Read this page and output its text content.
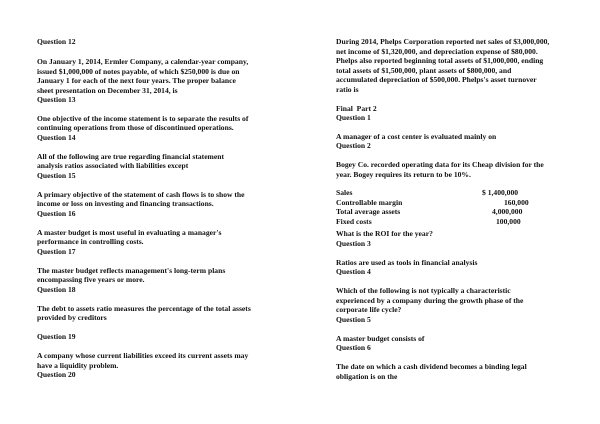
Question 12
On January 1, 2014, Ermler Company, a calendar-year company,
issued $1,000,000 of notes payable, of which $250,000 is due on
January 1 for each of the next four years. The proper balance
sheet presentation on December 31, 2014, is
Question 13
One objective of the income statement is to separate the results of
continuing operations from those of discontinued operations.
Question 14
All of the following are true regarding financial statement
analysis ratios associated with liabilities except
Question 15
A primary objective of the statement of cash flows is to show the
income or loss on investing and financing transactions.
Question 16
A master budget is most useful in evaluating a manager's
performance in controlling costs.
Question 17
The master budget reflects management's long-term plans
encompassing five years or more.
Question 18
The debt to assets ratio measures the percentage of the total assets
provided by creditors
Question 19
A company whose current liabilities exceed its current assets may
have a liquidity problem.
Question 20
Sales	$ 1,400,000
Controllable margin	160,000
Total average assets	4,000,000
Fixed costs	100,000
During 2014, Phelps Corporation reported net sales of $3,000,000,
net income of $1,320,000, and depreciation expense of $80,000.
Phelps also reported beginning total assets of $1,000,000, ending
total assets of $1,500,000, plant assets of $800,000, and
accumulated depreciation of $500,000. Phelps's asset turnover
ratio is
Final  Part 2
Question 1
A manager of a cost center is evaluated mainly on
Question 2
Bogey Co. recorded operating data for its Cheap division for the
year. Bogey requires its return to be 10%.
What is the ROI for the year?
Question 3
Ratios are used as tools in financial analysis
Question 4
Which of the following is not typically a characteristic
experienced by a company during the growth phase of the
corporate life cycle?
Question 5
A master budget consists of
Question 6
The date on which a cash dividend becomes a binding legal
obligation is on the
